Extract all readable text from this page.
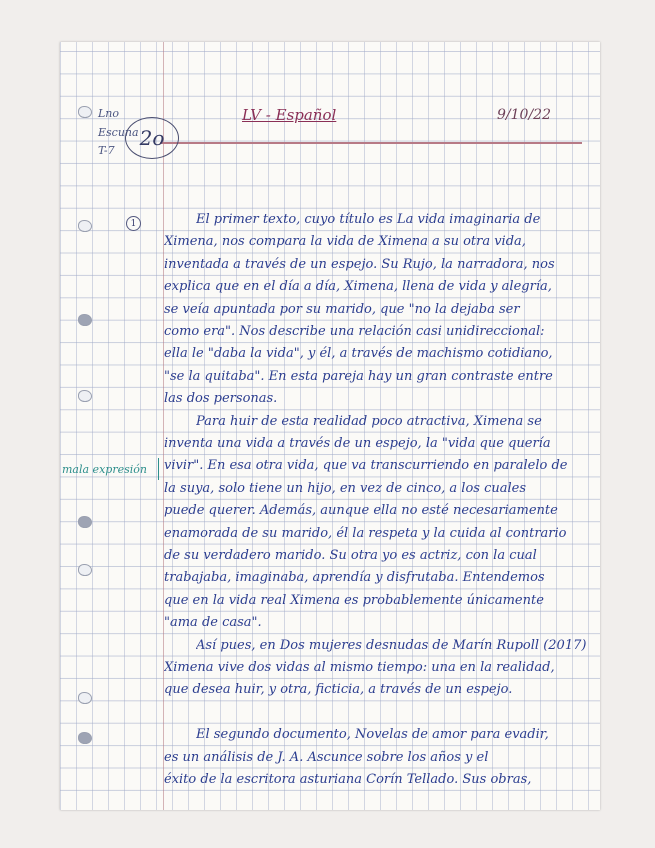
Lno
Escuna
T-7
LV - Español	9/10/22
2o
1
mala expresión
El primer texto, cuyo título es La vida imaginaria de
Ximena, nos compara la vida de Ximena a su otra vida,
inventada a través de un espejo. Su Rujo, la narradora, nos
explica que en el día a día, Ximena, llena de vida y alegría,
se veía apuntada por su marido, que "no la dejaba ser
como era". Nos describe una relación casi unidireccional:
ella le "daba la vida", y él, a través de machismo cotidiano,
"se la quitaba". En esta pareja hay un gran contraste entre
las dos personas.
Para huir de esta realidad poco atractiva, Ximena se
inventa una vida a través de un espejo, la "vida que quería
vivir". En esa otra vida, que va transcurriendo en paralelo de
la suya, solo tiene un hijo, en vez de cinco, a los cuales
puede querer. Además, aunque ella no esté necesariamente
enamorada de su marido, él la respeta y la cuida al contrario
de su verdadero marido. Su otra yo es actriz, con la cual
trabajaba, imaginaba, aprendía y disfrutaba. Entendemos
que en la vida real Ximena es probablemente únicamente
"ama de casa".
Así pues, en Dos mujeres desnudas de Marín Rupoll (2017)
Ximena vive dos vidas al mismo tiempo: una en la realidad,
que desea huir, y otra, ficticia, a través de un espejo.
El segundo documento, Novelas de amor para evadir,
es un análisis de J. A. Ascunce sobre los años y el
éxito de la escritora asturiana Corín Tellado. Sus obras,
